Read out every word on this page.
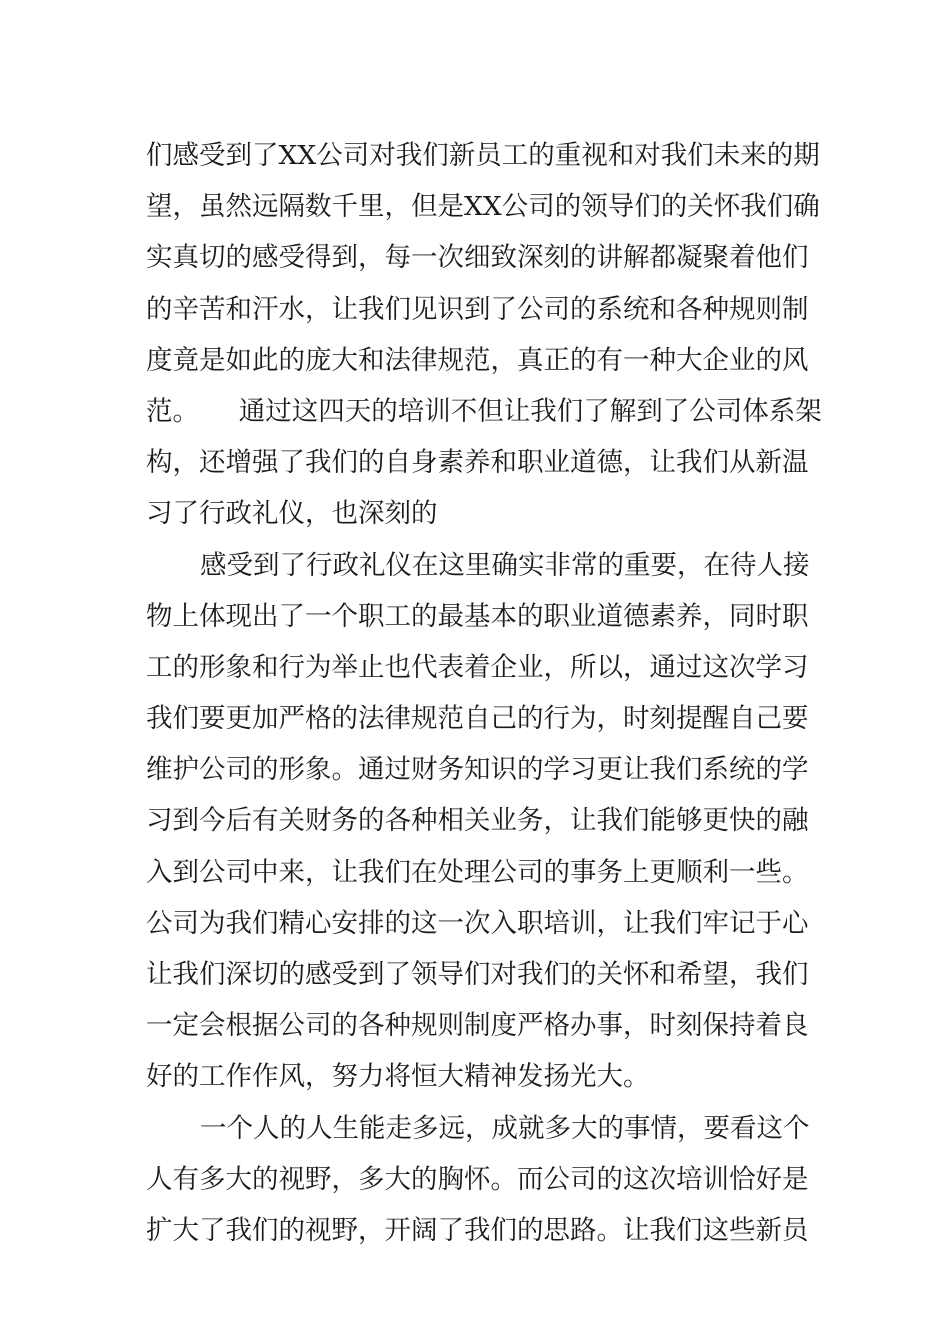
们感受到了XX公司对我们新员工的重视和对我们未来的期
望，虽然远隔数千里，但是XX公司的领导们的关怀我们确
实真切的感受得到，每一次细致深刻的讲解都凝聚着他们
的辛苦和汗水，让我们见识到了公司的系统和各种规则制
度竟是如此的庞大和法律规范，真正的有一种大企业的风
范。　　通过这四天的培训不但让我们了解到了公司体系架
构，还增强了我们的自身素养和职业道德，让我们从新温
习了行政礼仪，也深刻的
感受到了行政礼仪在这里确实非常的重要，在待人接
物上体现出了一个职工的最基本的职业道德素养，同时职
工的形象和行为举止也代表着企业，所以，通过这次学习
我们要更加严格的法律规范自己的行为，时刻提醒自己要
维护公司的形象。通过财务知识的学习更让我们系统的学
习到今后有关财务的各种相关业务，让我们能够更快的融
入到公司中来，让我们在处理公司的事务上更顺利一些。
公司为我们精心安排的这一次入职培训，让我们牢记于心
让我们深切的感受到了领导们对我们的关怀和希望，我们
一定会根据公司的各种规则制度严格办事，时刻保持着良
好的工作作风，努力将恒大精神发扬光大。
一个人的人生能走多远，成就多大的事情，要看这个
人有多大的视野，多大的胸怀。而公司的这次培训恰好是
扩大了我们的视野，开阔了我们的思路。让我们这些新员
